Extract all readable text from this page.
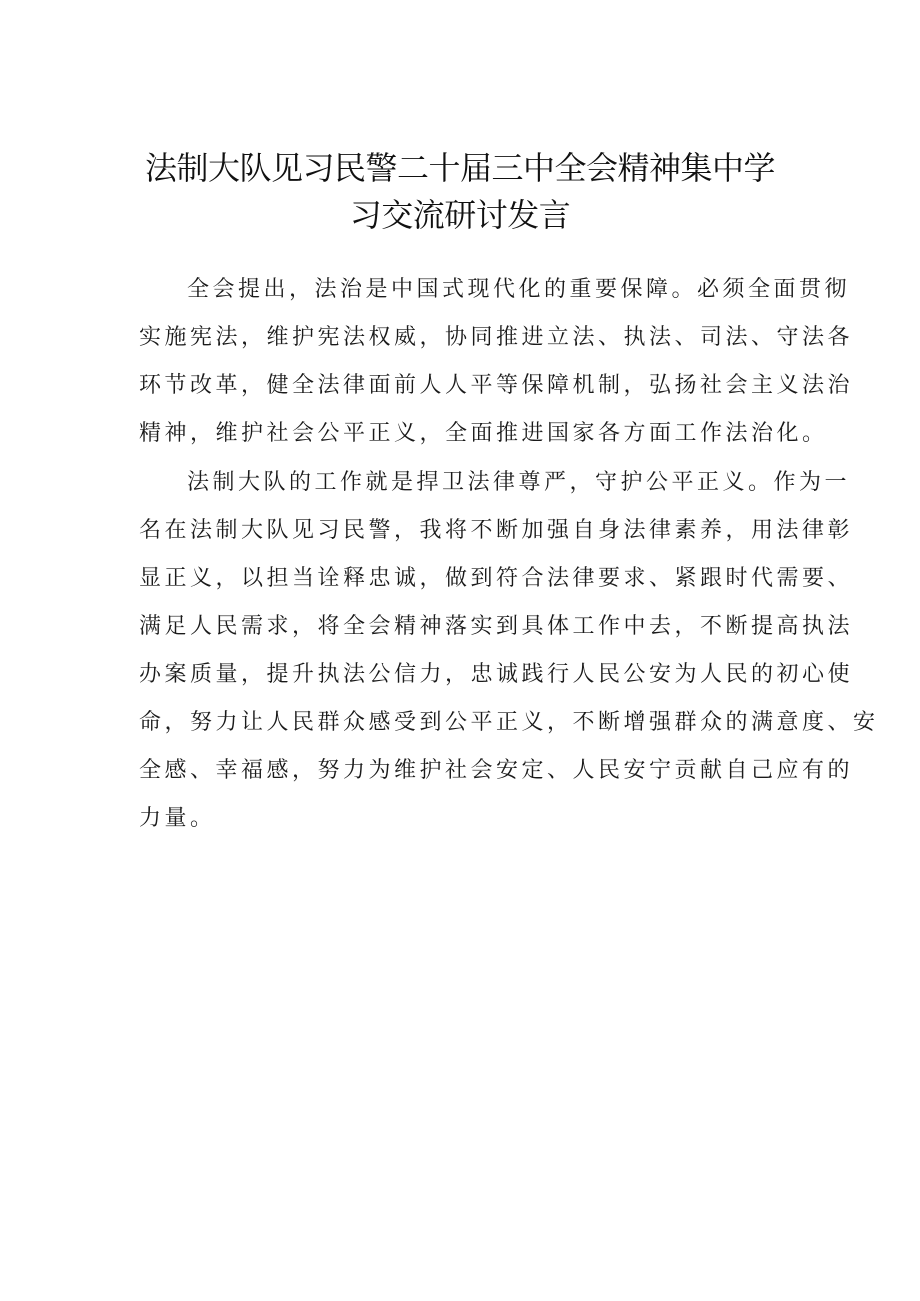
法制大队见习民警二十届三中全会精神集中学
习交流研讨发言
全会提出，法治是中国式现代化的重要保障。必须全面贯彻
实施宪法，维护宪法权威，协同推进立法、执法、司法、守法各
环节改革，健全法律面前人人平等保障机制，弘扬社会主义法治
精神，维护社会公平正义，全面推进国家各方面工作法治化。
法制大队的工作就是捍卫法律尊严，守护公平正义。作为一
名在法制大队见习民警，我将不断加强自身法律素养，用法律彰
显正义，以担当诠释忠诚，做到符合法律要求、紧跟时代需要、
满足人民需求，将全会精神落实到具体工作中去，不断提高执法
办案质量，提升执法公信力，忠诚践行人民公安为人民的初心使
命，努力让人民群众感受到公平正义，不断增强群众的满意度、安
全感、幸福感，努力为维护社会安定、人民安宁贡献自己应有的
力量。
